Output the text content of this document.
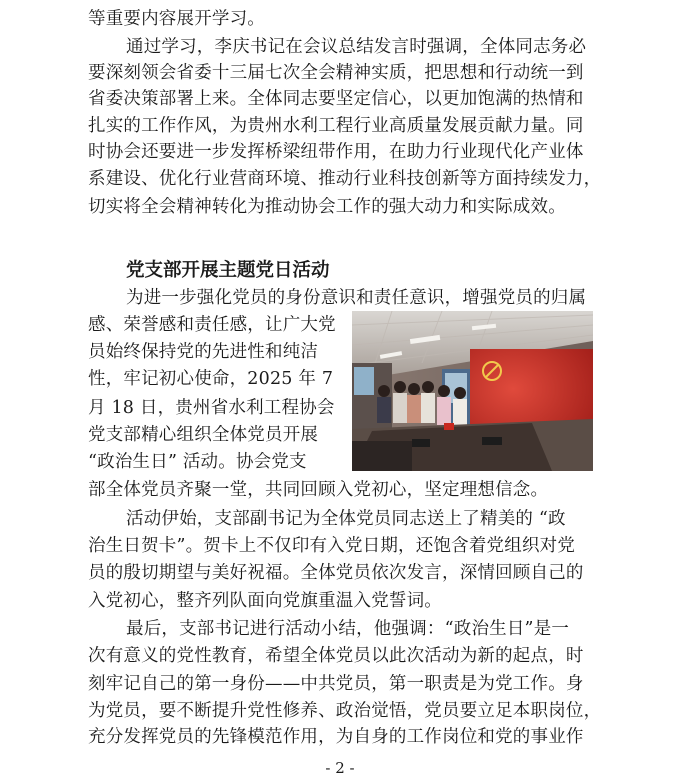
等重要内容展开学习。
通过学习，李庆书记在会议总结发言时强调，全体同志务必
要深刻领会省委十三届七次全会精神实质，把思想和行动统一到
省委决策部署上来。全体同志要坚定信心，以更加饱满的热情和
扎实的工作作风，为贵州水利工程行业高质量发展贡献力量。同
时协会还要进一步发挥桥梁纽带作用，在助力行业现代化产业体
系建设、优化行业营商环境、推动行业科技创新等方面持续发力，
切实将全会精神转化为推动协会工作的强大动力和实际成效。
党支部开展主题党日活动
为进一步强化党员的身份意识和责任意识，增强党员的归属
感、荣誉感和责任感，让广大党
员始终保持党的先进性和纯洁
性，牢记初心使命，2025 年 7
月 18 日，贵州省水利工程协会
党支部精心组织全体党员开展
“政治生日” 活动。协会党支
部全体党员齐聚一堂，共同回顾入党初心，坚定理想信念。
活动伊始，支部副书记为全体党员同志送上了精美的 “政
治生日贺卡”。贺卡上不仅印有入党日期，还饱含着党组织对党
员的殷切期望与美好祝福。全体党员依次发言，深情回顾自己的
入党初心，整齐列队面向党旗重温入党誓词。
最后，支部书记进行活动小结，他强调：“政治生日”是一
次有意义的党性教育，希望全体党员以此次活动为新的起点，时
刻牢记自己的第一身份——中共党员，第一职责是为党工作。身
为党员，要不断提升党性修养、政治觉悟，党员要立足本职岗位，
充分发挥党员的先锋模范作用，为自身的工作岗位和党的事业作
- 2 -
